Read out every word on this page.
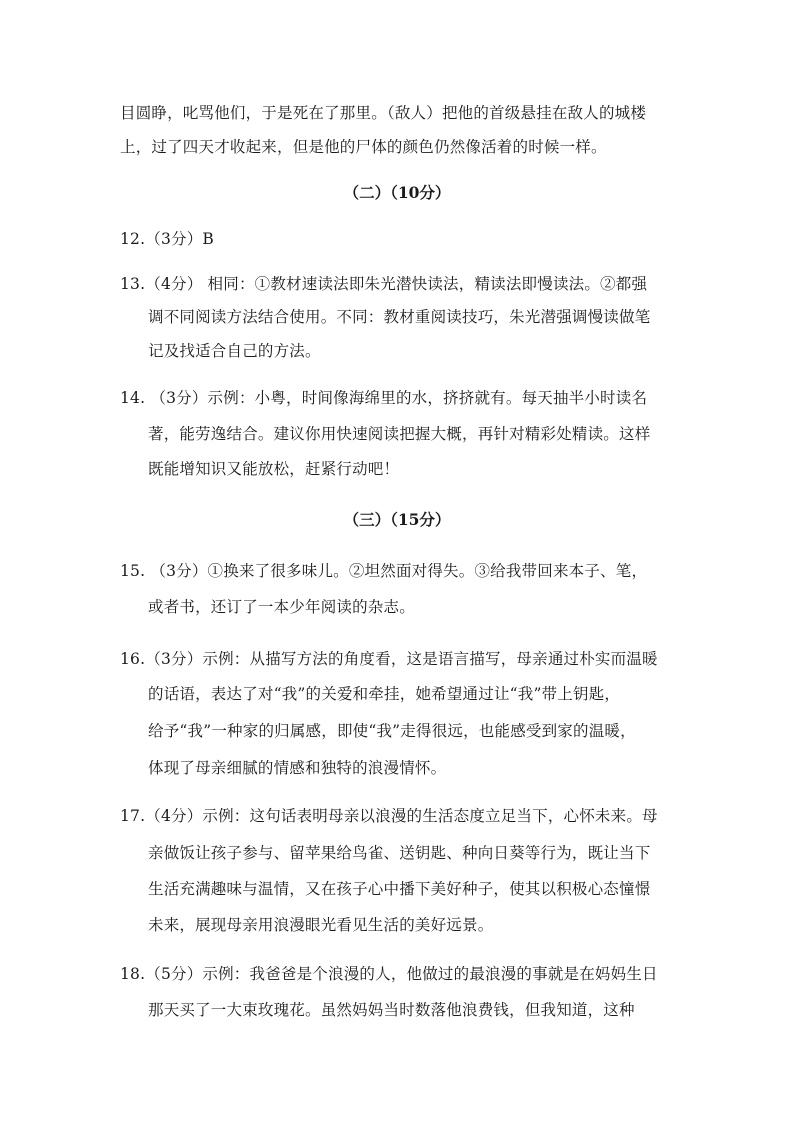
目圆睁，叱骂他们，于是死在了那里。（敌人）把他的首级悬挂在敌人的城楼
上，过了四天才收起来，但是他的尸体的颜色仍然像活着的时候一样。
（二）（10分）
12.（3分）B
13.（4分） 相同：①教材速读法即朱光潜快读法，精读法即慢读法。②都强
调不同阅读方法结合使用。不同：教材重阅读技巧，朱光潜强调慢读做笔
记及找适合自己的方法。
14. （3分）示例：小粤，时间像海绵里的水，挤挤就有。每天抽半小时读名
著，能劳逸结合。建议你用快速阅读把握大概，再针对精彩处精读。这样
既能增知识又能放松，赶紧行动吧！
（三）（15分）
15. （3分）①换来了很多味儿。②坦然面对得失。③给我带回来本子、笔，
或者书，还订了一本少年阅读的杂志。
16.（3分）示例：从描写方法的角度看，这是语言描写，母亲通过朴实而温暖
的话语，表达了对“我”的关爱和牵挂，她希望通过让“我”带上钥匙，
给予“我”一种家的归属感，即使“我”走得很远，也能感受到家的温暖，
体现了母亲细腻的情感和独特的浪漫情怀。
17.（4分）示例：这句话表明母亲以浪漫的生活态度立足当下，心怀未来。母
亲做饭让孩子参与、留苹果给鸟雀、送钥匙、种向日葵等行为，既让当下
生活充满趣味与温情，又在孩子心中播下美好种子，使其以积极心态憧憬
未来，展现母亲用浪漫眼光看见生活的美好远景。
18.（5分）示例：我爸爸是个浪漫的人，他做过的最浪漫的事就是在妈妈生日
那天买了一大束玫瑰花。虽然妈妈当时数落他浪费钱，但我知道，这种
